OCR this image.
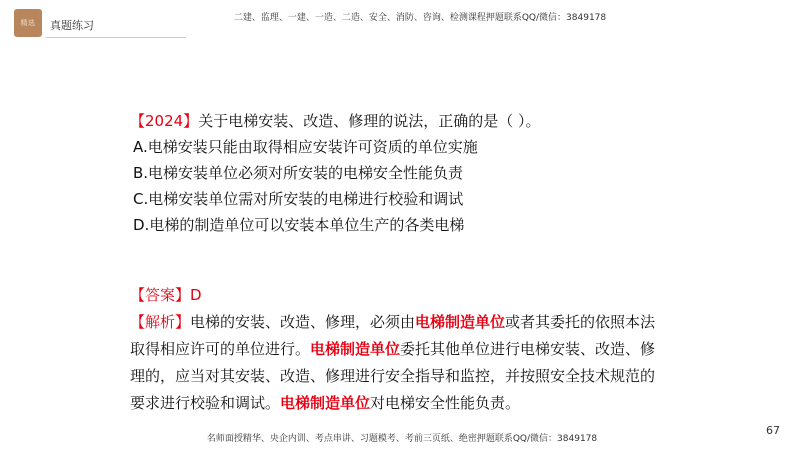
精选	真题练习
二建、监理、一建、一造、二造、安全、消防、咨询、检测课程押题联系QQ/微信：3849178
【2024】关于电梯安装、改造、修理的说法，正确的是（ ）。
A.电梯安装只能由取得相应安装许可资质的单位实施
B.电梯安装单位必须对所安装的电梯安全性能负责
C.电梯安装单位需对所安装的电梯进行校验和调试
D.电梯的制造单位可以安装本单位生产的各类电梯
【答案】D
【解析】电梯的安装、改造、修理，必须由电梯制造单位或者其委托的依照本法取得相应许可的单位进行。电梯制造单位委托其他单位进行电梯安装、改造、修理的，应当对其安装、改造、修理进行安全指导和监控，并按照安全技术规范的要求进行校验和调试。电梯制造单位对电梯安全性能负责。
67
名师面授精华、央企内训、考点串讲、习题模考、考前三页纸、绝密押题联系QQ/微信：3849178
